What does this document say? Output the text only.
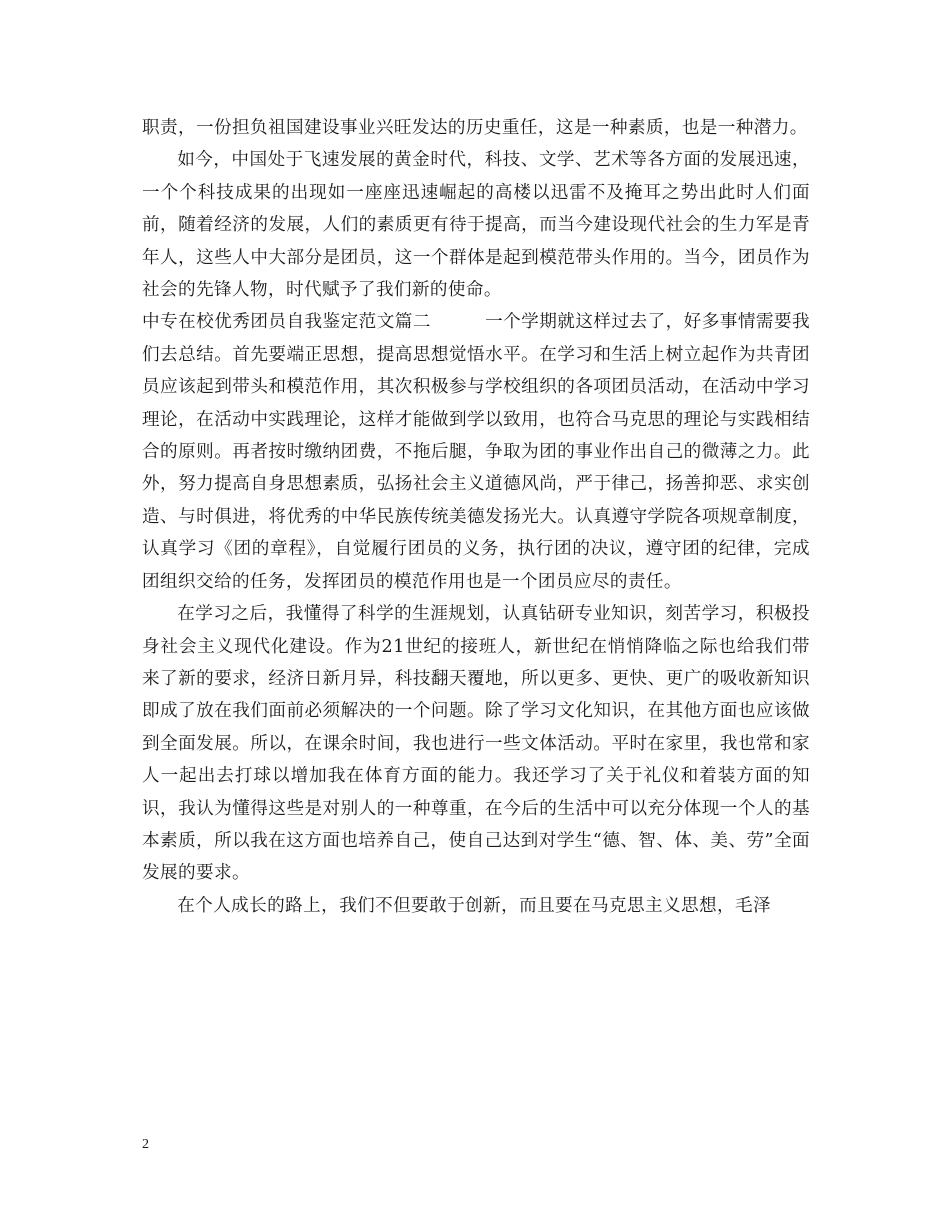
职责，一份担负祖国建设事业兴旺发达的历史重任，这是一种素质，也是一种潜力。

如今，中国处于飞速发展的黄金时代，科技、文学、艺术等各方面的发展迅速，一个个科技成果的出现如一座座迅速崛起的高楼以迅雷不及掩耳之势出此时人们面前，随着经济的发展，人们的素质更有待于提高，而当今建设现代社会的生力军是青年人，这些人中大部分是团员，这一个群体是起到模范带头作用的。当今，团员作为社会的先锋人物，时代赋予了我们新的使命。

中专在校优秀团员自我鉴定范文篇二　　　	一个学期就这样过去了，好多事情需要我们去总结。首先要端正思想，提高思想觉悟水平。在学习和生活上树立起作为共青团员应该起到带头和模范作用，其次积极参与学校组织的各项团员活动，在活动中学习理论，在活动中实践理论，这样才能做到学以致用，也符合马克思的理论与实践相结合的原则。再者按时缴纳团费，不拖后腿，争取为团的事业作出自己的微薄之力。此外，努力提高自身思想素质，弘扬社会主义道德风尚，严于律己，扬善抑恶、求实创造、与时俱进，将优秀的中华民族传统美德发扬光大。认真遵守学院各项规章制度，认真学习《团的章程》，自觉履行团员的义务，执行团的决议，遵守团的纪律，完成团组织交给的任务，发挥团员的模范作用也是一个团员应尽的责任。

在学习之后，我懂得了科学的生涯规划，认真钻研专业知识，刻苦学习，积极投身社会主义现代化建设。作为21世纪的接班人，新世纪在悄悄降临之际也给我们带来了新的要求，经济日新月异，科技翻天覆地，所以更多、更快、更广的吸收新知识即成了放在我们面前必须解决的一个问题。除了学习文化知识，在其他方面也应该做到全面发展。所以，在课余时间，我也进行一些文体活动。平时在家里，我也常和家人一起出去打球以增加我在体育方面的能力。我还学习了关于礼仪和着装方面的知识，我认为懂得这些是对别人的一种尊重，在今后的生活中可以充分体现一个人的基本素质，所以我在这方面也培养自己，使自己达到对学生“德、智、体、美、劳”全面发展的要求。

在个人成长的路上，我们不但要敢于创新，而且要在马克思主义思想，毛泽

2
